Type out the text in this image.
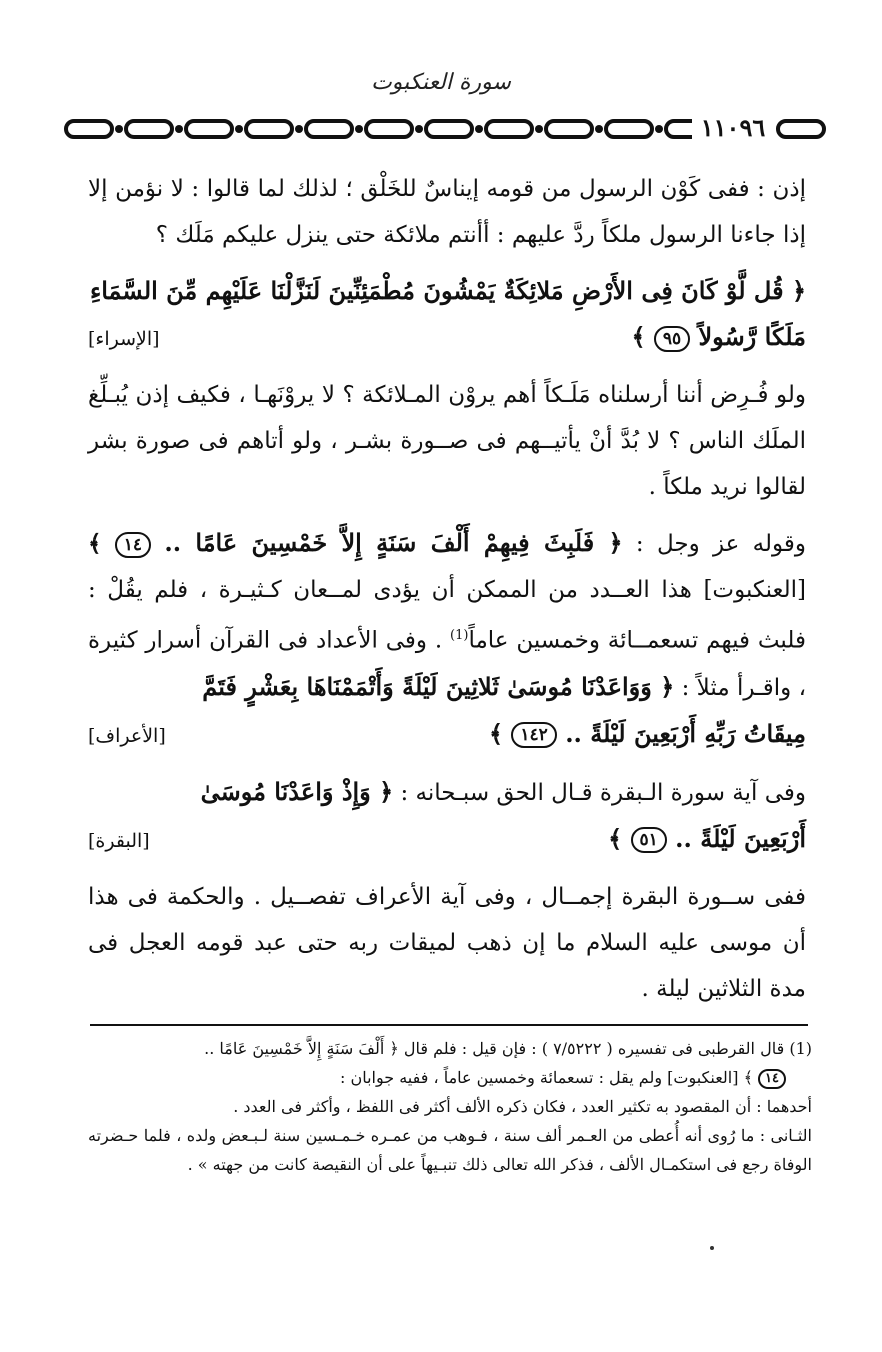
سورة العنكبوت
١١٠٩٦

إذن : ففى كَوْن الرسول من قومه إيناسٌ للخَلْق ؛ لذلك لما قالوا : لا نؤمن إلا إذا جاءنا الرسول ملكاً ردَّ عليهم : أأنتم ملائكة حتى ينزل عليكم مَلَك ؟

﴿ قُل لَّوْ كَانَ فِى الأَرْضِ مَلائِكَةٌ يَمْشُونَ مُطْمَئِنِّينَ لَنَزَّلْنَا عَلَيْهِم مِّنَ السَّمَاءِ
مَلَكًا رَّسُولاً ٩٥ ﴾
[الإسراء]

ولو فُـرِض أننا أرسلناه مَلَـكاً أهم يروْن المـلائكة ؟ لا يروْنَهـا ، فكيف إذن يُبـلِّغ الملَك الناس ؟ لا بُدَّ أنْ يأتيــهم فى صــورة بشـر ، ولو أتاهم فى صورة بشر لقالوا نريد ملكاً .

وقوله عز وجل : ﴿ فَلَبِثَ فِيهِمْ أَلْفَ سَنَةٍ إِلاَّ خَمْسِينَ عَامًا .. ١٤ ﴾ [العنكبوت] هذا العــدد من الممكن أن يؤدى لمــعان كـثيـرة ، فلم يقُلْ : فلبث فيهم تسعمــائة وخمسين عاماً$^{(1)}$ . وفى الأعداد فى القرآن أسرار كثيرة ، واقـرأ مثلاً : ﴿ وَوَاعَدْنَا مُوسَىٰ ثَلاثِينَ لَيْلَةً وَأَتْمَمْنَاهَا بِعَشْرٍ فَتَمَّ
مِيقَاتُ رَبِّهِ أَرْبَعِينَ لَيْلَةً .. ١٤٢ ﴾
[الأعراف]

وفى آية سورة الـبقرة قـال الحق سبـحانه : ﴿ وَإِذْ وَاعَدْنَا مُوسَىٰ
أَرْبَعِينَ لَيْلَةً .. ٥١ ﴾
[البقرة]

ففى ســورة البقرة إجمــال ، وفى آية الأعراف تفصــيل . والحكمة فى هذا أن موسى عليه السلام ما إن ذهب لميقات ربه حتى عبد قومه العجل فى مدة الثلاثين ليلة .

(1) قال القرطبى فى تفسيره ( ٧/٥٢٢٢ ) : فإن قيل : فلم قال ﴿ أَلْفَ سَنَةٍ إِلاَّ خَمْسِينَ عَامًا ..

١٤ ﴾ [العنكبوت] ولم يقل : تسعمائة وخمسين عاماً ، ففيه جوابان :

أحدهما : أن المقصود به تكثير العدد ، فكان ذكره الألف أكثر فى اللفظ ، وأكثر فى العدد .

الثـانى : ما رُوى أنه أُعطى من العـمر ألف سنة ، فـوهب من عمـره خـمـسين سنة لـبـعض ولده ، فلما حـضرته الوفاة رجع فى استكمـال الألف ، فذكر الله تعالى ذلك تنبـيهاً على أن النقيصة كانت من جهته » .
